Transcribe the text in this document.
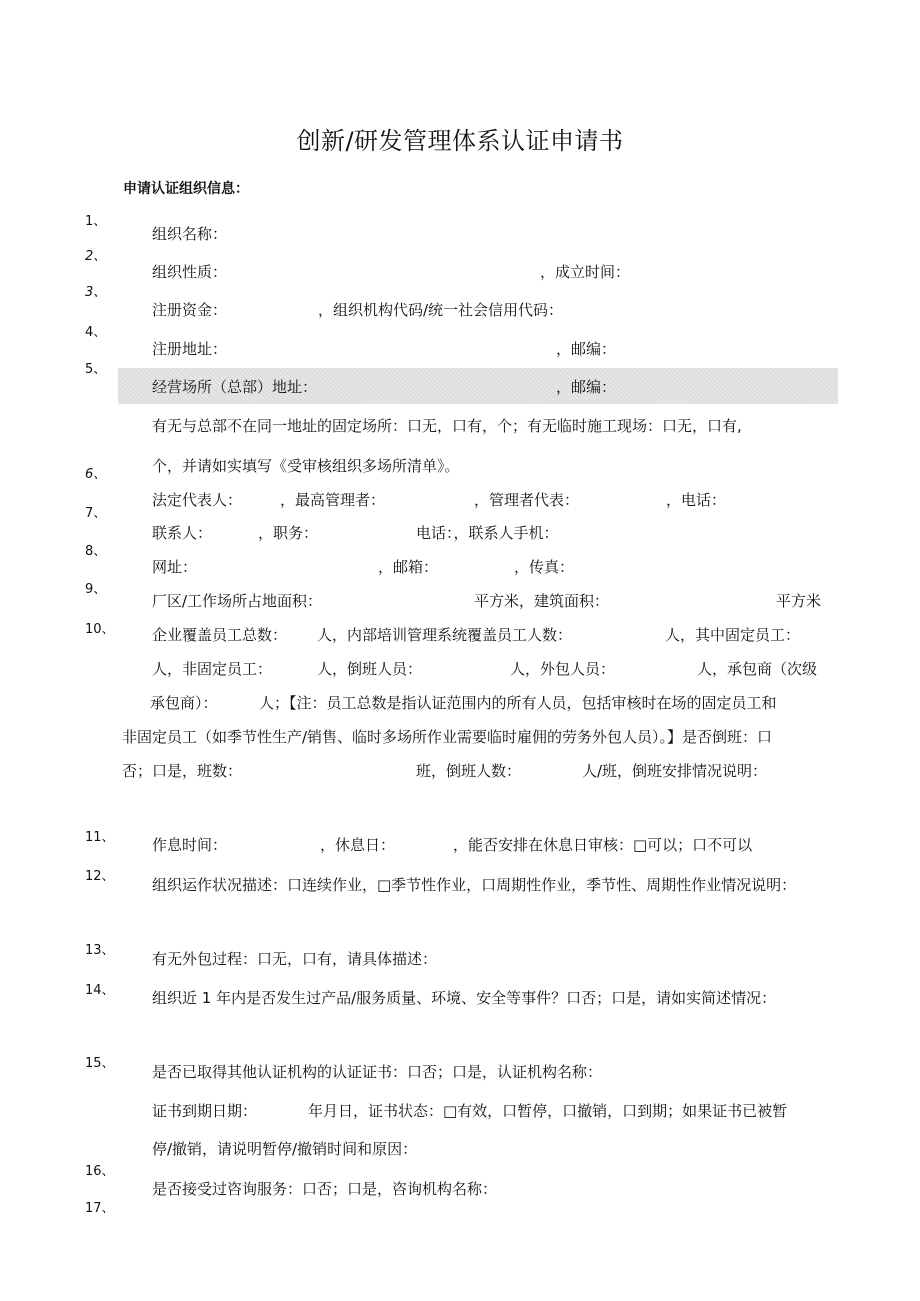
创新/研发管理体系认证申请书
申请认证组织信息：
1、
2、
3、
4、
5、
6、
7、
8、
9、
10、
11、
12、
13、
14、
15、
16、
17、
组织名称：
组织性质：	，成立时间：
注册资金：	，组织机构代码/统一社会信用代码：
注册地址：	，邮编：
经营场所（总部）地址：	，邮编：
有无与总部不在同一地址的固定场所：口无，口有，个；有无临时施工现场：口无，口有,
个，并请如实填写《受审核组织多场所清单》。
法定代表人：	，最高管理者：	，管理者代表：	，电话：
联系人：	，职务：	电话：，联系人手机：
网址：	，邮箱：	，传真：
厂区/工作场所占地面积：	平方米，建筑面积：	平方米
企业覆盖员工总数： 人，内部培训管理系统覆盖员工人数：	人，其中固定员工：
人，非固定员工：	人，倒班人员：	人，外包人员：	人，承包商（次级
承包商）：	人；【注：员工总数是指认证范围内的所有人员，包括审核时在场的固定员工和
非固定员工（如季节性生产/销售、临时多场所作业需要临时雇佣的劳务外包人员）。】是否倒班：口
否；口是，班数：	班，倒班人数：	人/班，倒班安排情况说明：
作息时间：	，休息日：	，能否安排在休息日审核：□可以；口不可以
组织运作状况描述：口连续作业，□季节性作业，口周期性作业，季节性、周期性作业情况说明：
有无外包过程：口无，口有，请具体描述：
组织近 1 年内是否发生过产品/服务质量、环境、安全等事件？口否；口是，请如实简述情况：
是否已取得其他认证机构的认证证书：口否；口是，认证机构名称：
证书到期日期：	年月日，证书状态：□有效，口暂停，口撤销，口到期；如果证书已被暂
停/撤销，请说明暂停/撤销时间和原因：
是否接受过咨询服务：口否；口是，咨询机构名称：
